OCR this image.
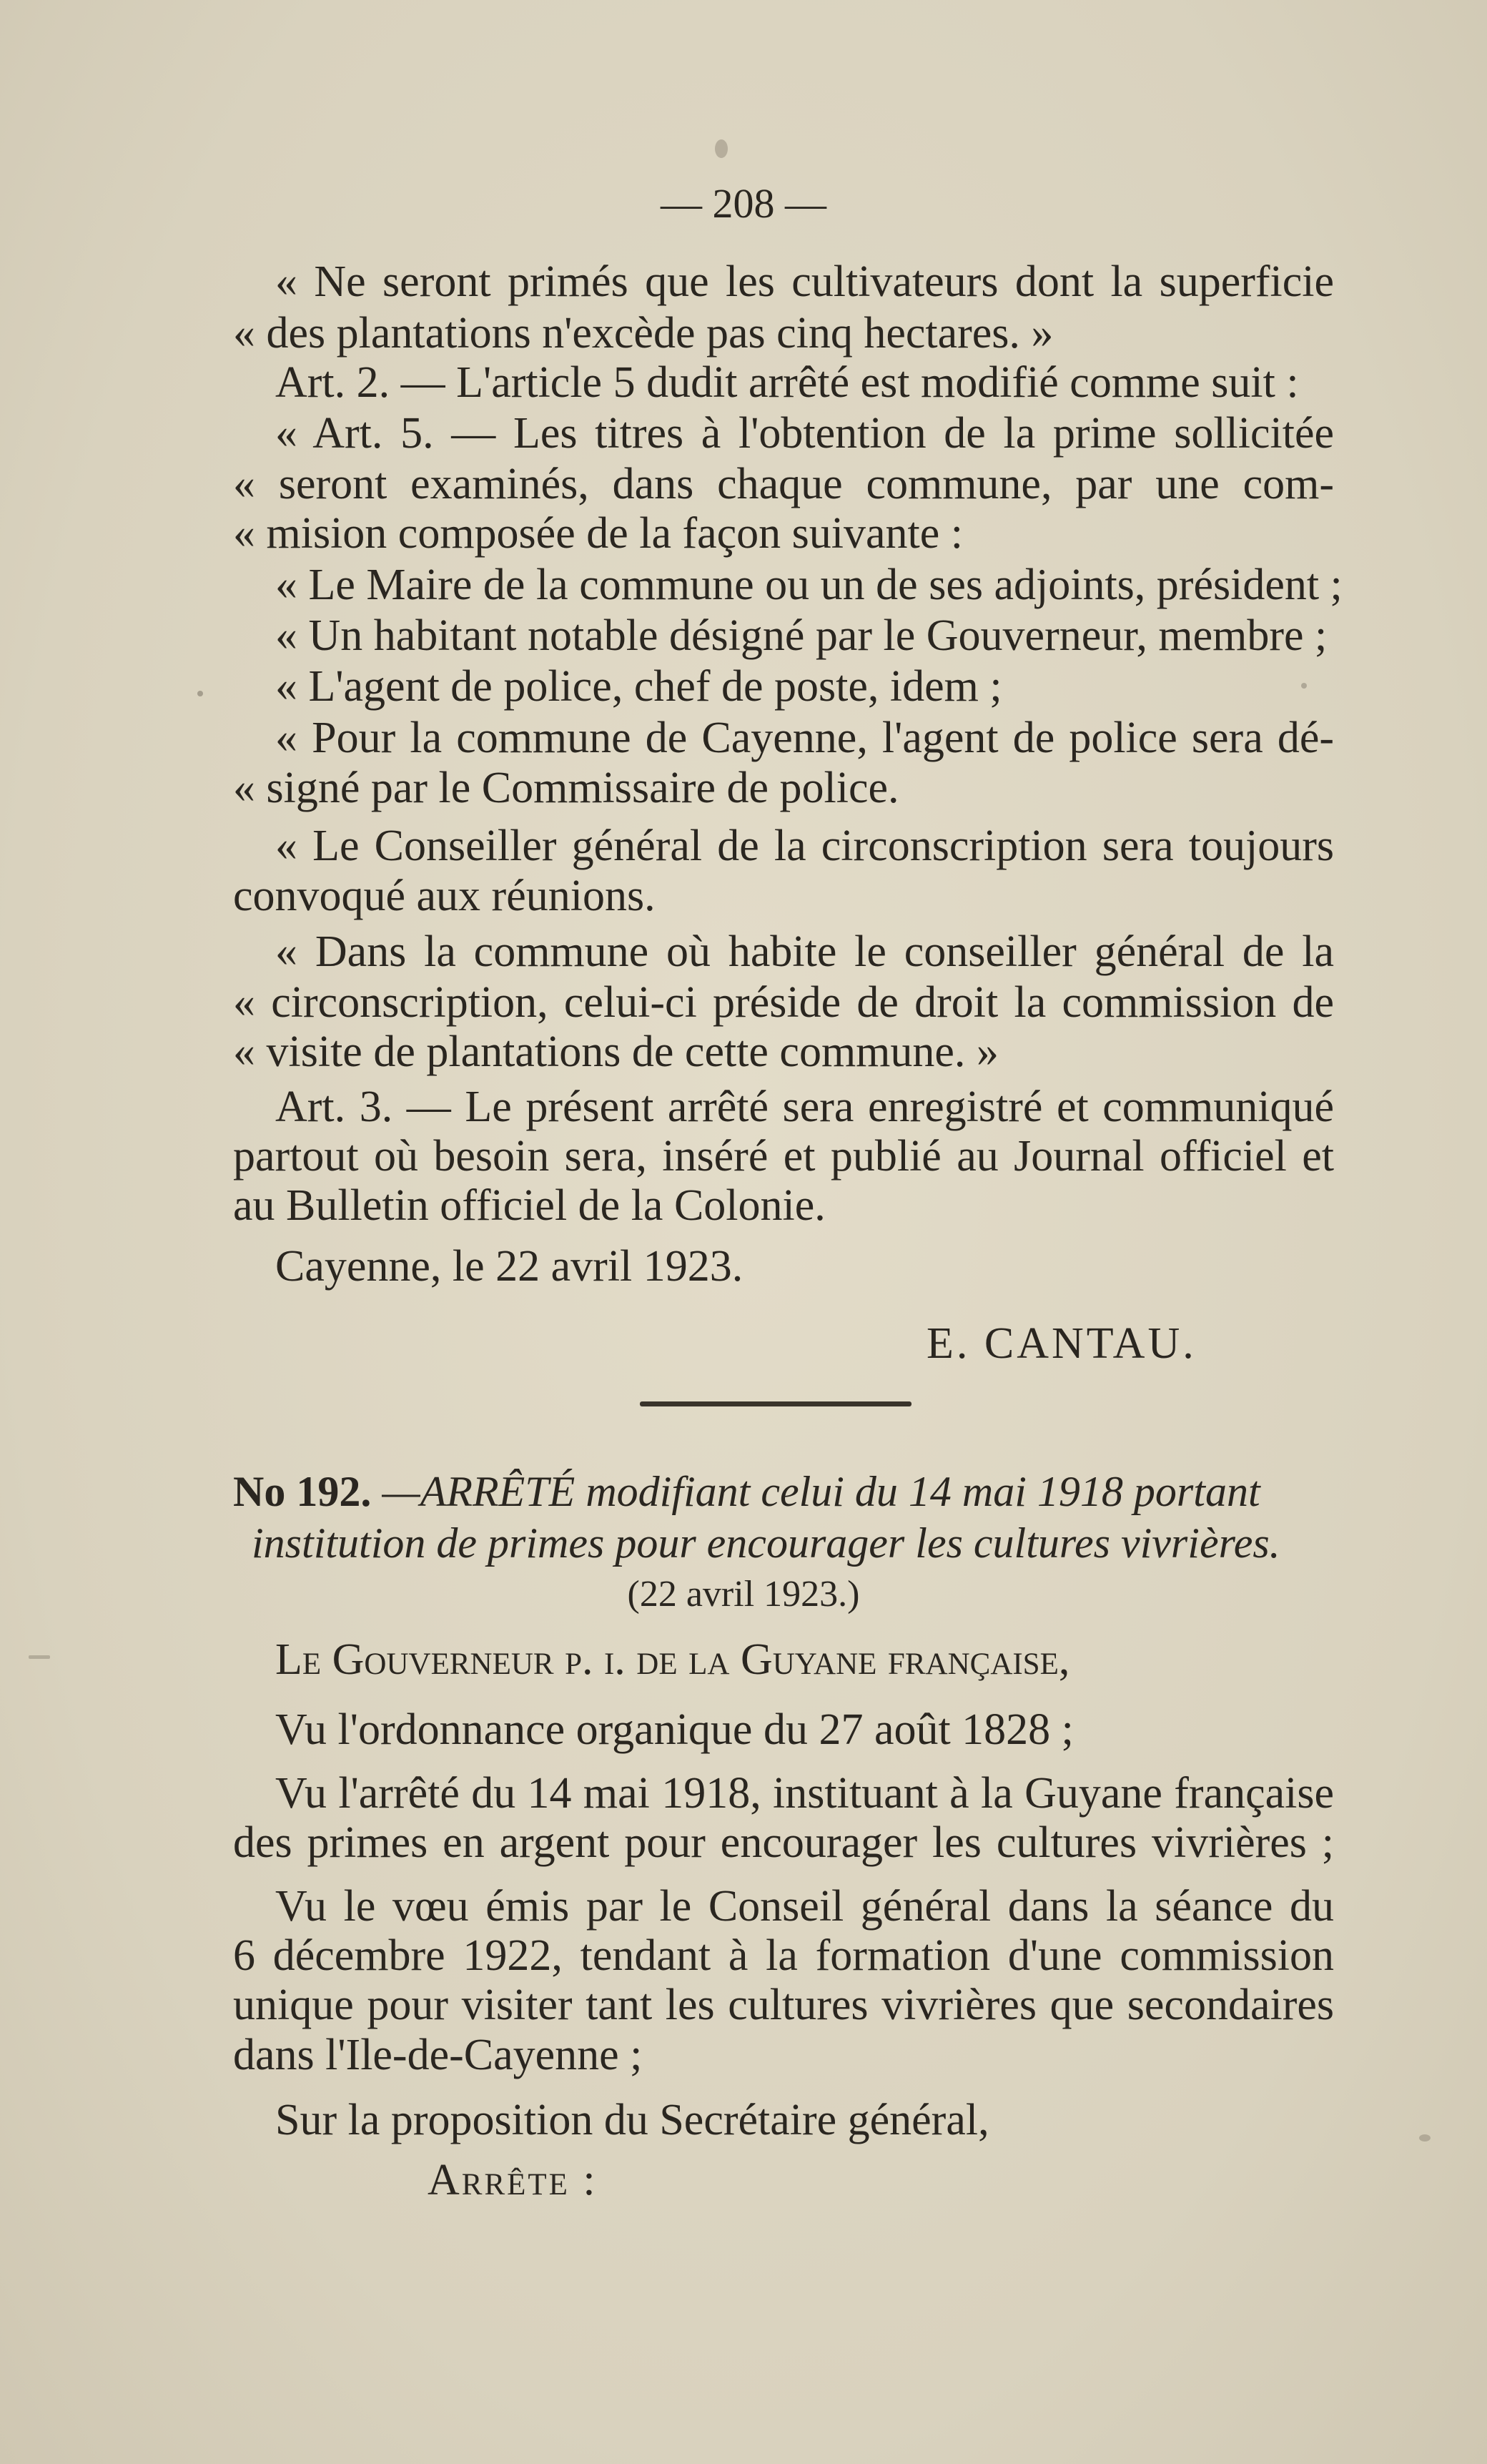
— 208 —
« Ne seront primés que les cultivateurs dont la superficie
« des plantations n'excède pas cinq hectares. »
Art. 2. — L'article 5 dudit arrêté est modifié comme suit :
« Art. 5. — Les titres à l'obtention de la prime sollicitée
« seront examinés, dans chaque commune, par une com-
« mision composée de la façon suivante :
« Le Maire de la commune ou un de ses adjoints, président ;
« Un habitant notable désigné par le Gouverneur, membre ;
« L'agent de police, chef de poste, idem ;
« Pour la commune de Cayenne, l'agent de police sera dé-
« signé par le Commissaire de police.
« Le Conseiller général de la circonscription sera toujours
convoqué aux réunions.
« Dans la commune où habite le conseiller général de la
« circonscription, celui-ci préside de droit la commission de
« visite de plantations de cette commune. »
Art. 3. — Le présent arrêté sera enregistré et communiqué
partout où besoin sera, inséré et publié au Journal officiel et
au Bulletin officiel de la Colonie.
Cayenne, le 22 avril 1923.
E. CANTAU.
No 192. —ARRÊTÉ modifiant celui du 14 mai 1918 portant
institution de primes pour encourager les cultures vivrières.
(22 avril 1923.)
Le Gouverneur p. i. de la Guyane française,
Vu l'ordonnance organique du 27 août 1828 ;
Vu l'arrêté du 14 mai 1918, instituant à la Guyane française
des primes en argent pour encourager les cultures vivrières ;
Vu le vœu émis par le Conseil général dans la séance du
6 décembre 1922, tendant à la formation d'une commission
unique pour visiter tant les cultures vivrières que secondaires
dans l'Ile-de-Cayenne ;
Sur la proposition du Secrétaire général,
Arrête :
